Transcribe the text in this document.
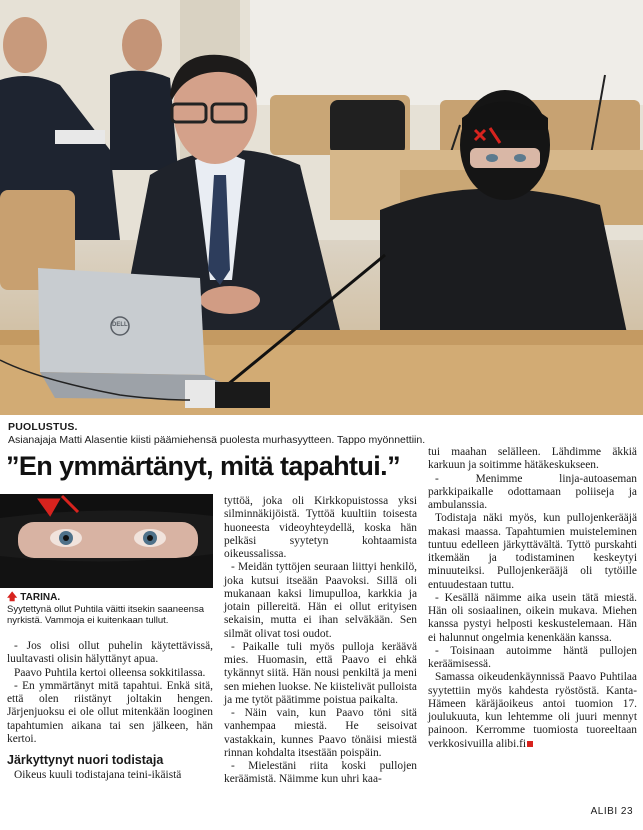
DELL
PUOLUSTUS.
Asianajaja Matti Alasentie kiisti päämiehensä puolesta murhasyytteen. Tappo myönnettiin.
”En ymmärtänyt, mitä tapahtui.”
🡅 TARINA.
Syytettynä ollut Puhtila väitti itsekin saaneensa nyrkistä. Vammoja ei kuitenkaan tullut.

- Jos olisi ollut puhelin käytettävissä, luultavasti olisin hälyttänyt apua.

Paavo Puhtila kertoi olleensa sokkitilassa.

- En ymmärtänyt mitä tapahtui. Enkä sitä, että olen riistänyt joltakin hengen. Järjenjuoksu ei ole ollut mitenkään looginen tapahtumien aikana tai sen jälkeen, hän kertoi.

Järkyttynyt nuori todistaja

Oikeus kuuli todistajana teini-ikäistä

tyttöä, joka oli Kirkkopuistossa yksi silminnäkijöistä. Tyttöä kuultiin toisesta huoneesta videoyhteydellä, koska hän pelkäsi syytetyn kohtaamista oikeussalissa.

- Meidän tyttöjen seuraan liittyi henkilö, joka kutsui itseään Paavoksi. Sillä oli mukanaan kaksi limupulloa, karkkia ja jotain pillereitä. Hän ei ollut erityisen sekaisin, mutta ei ihan selväkään. Sen silmät olivat tosi oudot.

- Paikalle tuli myös pulloja keräävä mies. Huomasin, että Paavo ei ehkä tykännyt siitä. Hän nousi penkiltä ja meni sen miehen luokse. Ne kiistelivät pulloista ja me tytöt päätimme poistua paikalta.

- Näin vain, kun Paavo töni sitä vanhempaa miestä. He seisoivat vastakkain, kunnes Paavo tönäisi miestä rinnan kohdalta itsestään poispäin.

- Mielestäni riita koski pullojen keräämistä. Näimme kun uhri kaa-

tui maahan selälleen. Lähdimme äkkiä karkuun ja soitimme hätäkeskukseen.

- Menimme linja-autoaseman parkkipaikalle odottamaan poliiseja ja ambulanssia.

Todistaja näki myös, kun pullojenkerääjä makasi maassa. Tapahtumien muisteleminen tuntuu edelleen järkyttävältä. Tyttö purskahti itkemään ja todistaminen keskeytyi minuuteiksi. Pullojenkerääjä oli tytöille entuudestaan tuttu.

- Kesällä näimme aika usein tätä miestä. Hän oli sosiaalinen, oikein mukava. Miehen kanssa pystyi helposti keskustelemaan. Hän ei halunnut ongelmia kenenkään kanssa.

- Toisinaan autoimme häntä pullojen keräämisessä.

Samassa oikeudenkäynnissä Paavo Puhtilaa syytettiin myös kahdesta ryöstöstä. Kanta-Hämeen käräjäoikeus antoi tuomion 17. joulukuuta, kun lehtemme oli juuri mennyt painoon. Kerromme tuomiosta tuoreeltaan verkkosivuilla alibi.fi

ALIBI 23
